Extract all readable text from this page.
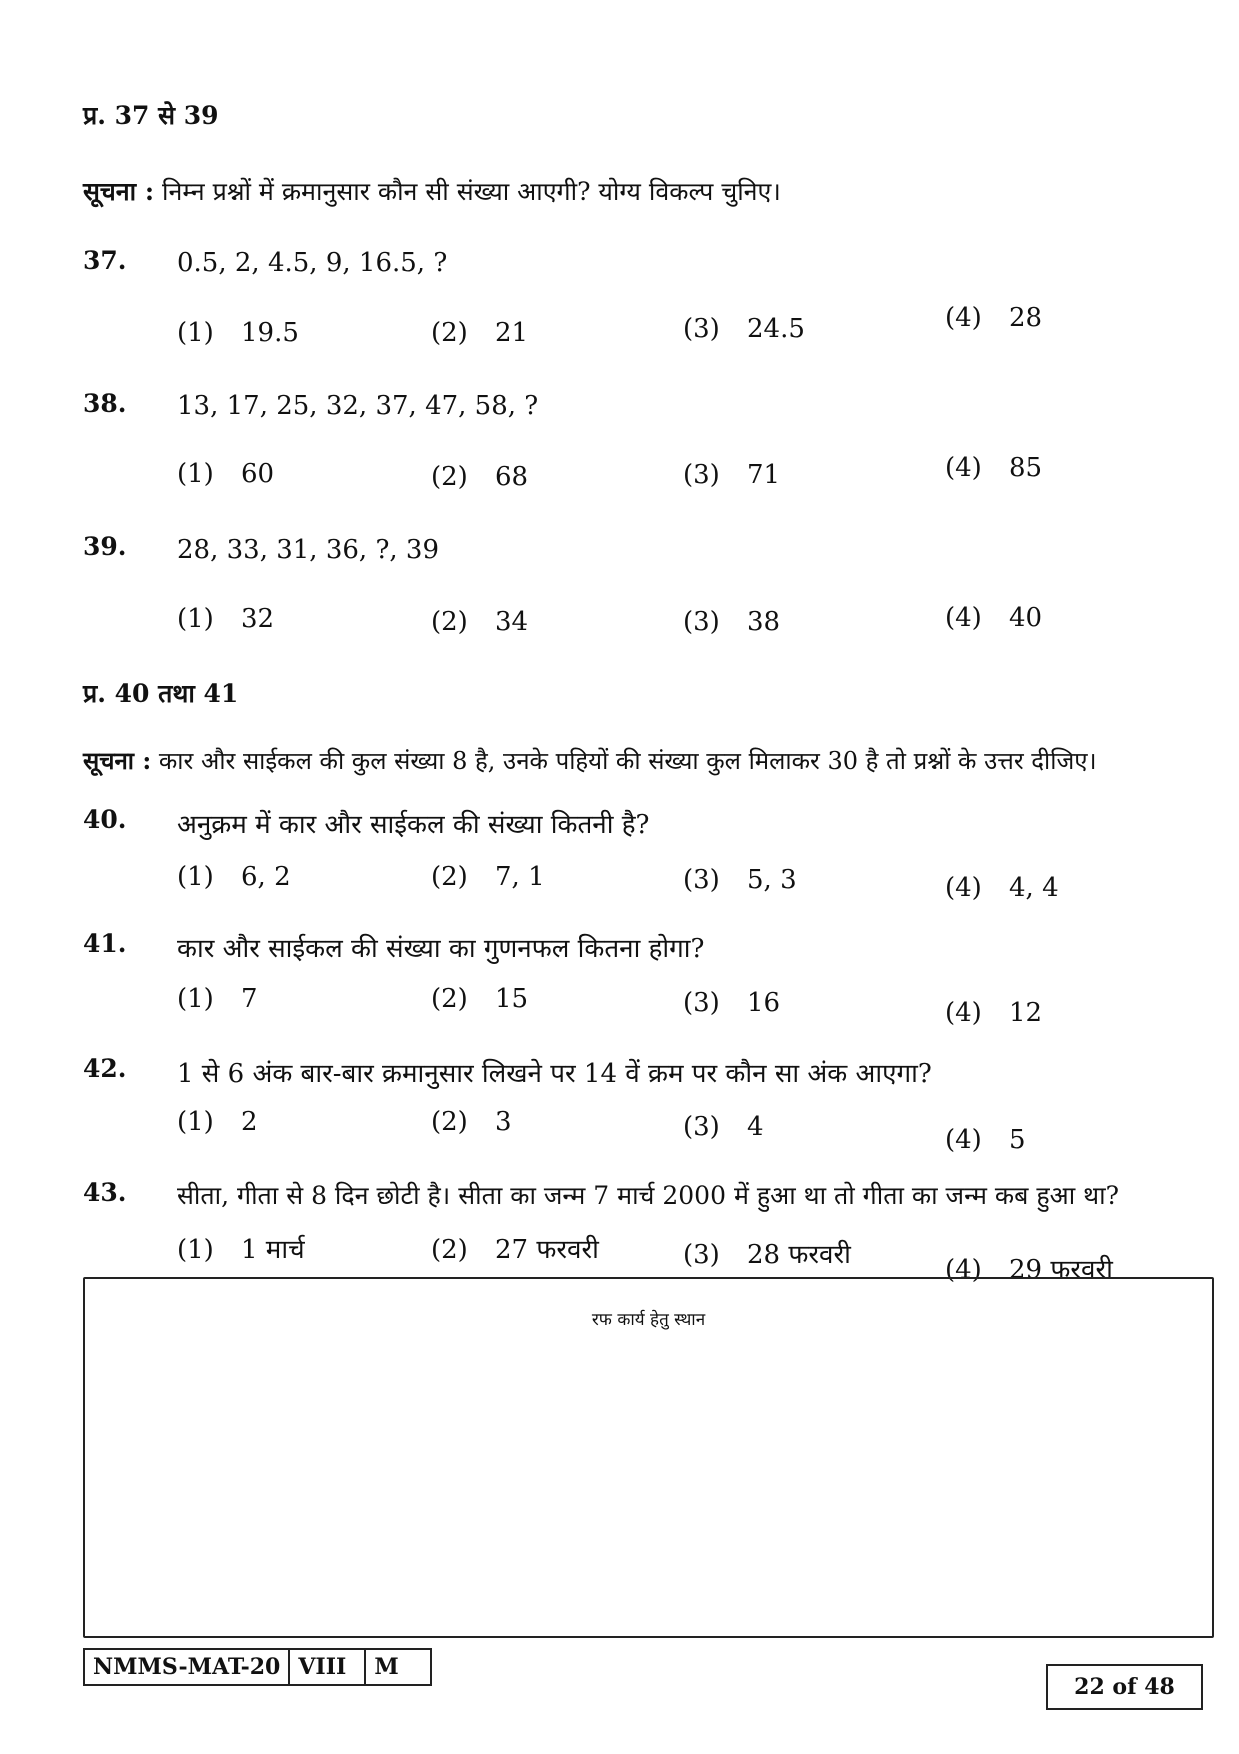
प्र. 37 से 39
सूचना : निम्न प्रश्नों में क्रमानुसार कौन सी संख्या आएगी? योग्य विकल्प चुनिए।
37. 0.5, 2, 4.5, 9, 16.5, ?
(1) 19.5	(2) 21	(3) 24.5	(4) 28
38. 13, 17, 25, 32, 37, 47, 58, ?
(1) 60	(2) 68	(3) 71	(4) 85
39. 28, 33, 31, 36, ?, 39
(1) 32	(2) 34	(3) 38	(4) 40
प्र. 40 तथा 41
सूचना : कार और साईकल की कुल संख्या 8 है, उनके पहियों की संख्या कुल मिलाकर 30 है तो प्रश्नों के उत्तर दीजिए।
40. अनुक्रम में कार और साईकल की संख्या कितनी है?
(1) 6, 2	(2) 7, 1	(3) 5, 3	(4) 4, 4
41. कार और साईकल की संख्या का गुणनफल कितना होगा?
(1) 7	(2) 15	(3) 16	(4) 12
42. 1 से 6 अंक बार-बार क्रमानुसार लिखने पर 14 वें क्रम पर कौन सा अंक आएगा?
(1) 2	(2) 3	(3) 4	(4) 5
43. सीता, गीता से 8 दिन छोटी है। सीता का जन्म 7 मार्च 2000 में हुआ था तो गीता का जन्म कब हुआ था?
(1) 1 मार्च	(2) 27 फरवरी	(3) 28 फरवरी	(4) 29 फरवरी
रफ कार्य हेतु स्थान
NMMS-MAT-20 VIII	M
22 of 48
